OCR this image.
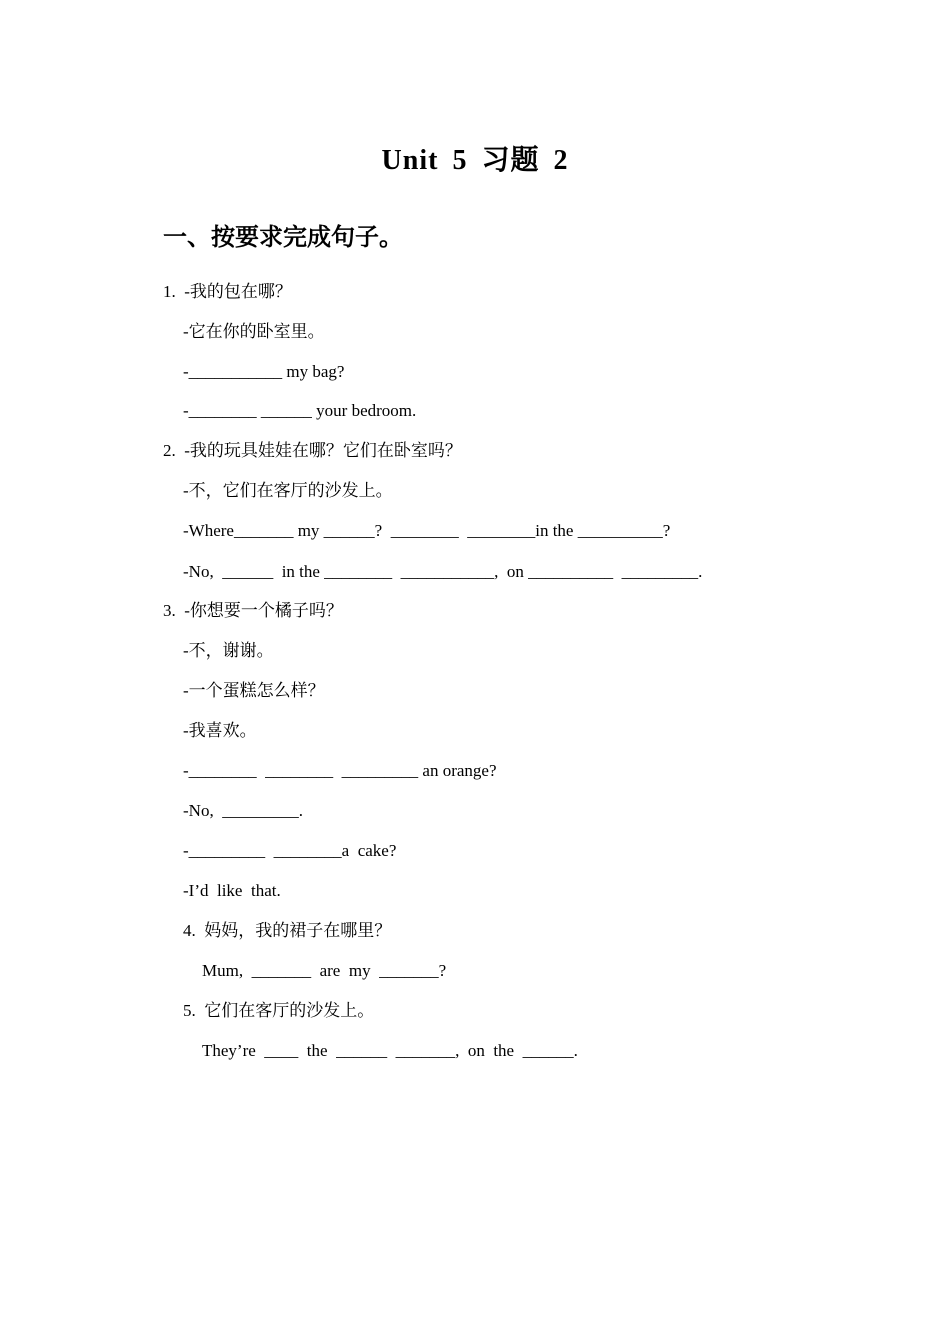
Unit 5 习题 2
一、按要求完成句子。
1.  -我的包在哪？
-它在你的卧室里。
-___________ my bag?
-________ ______ your bedroom.
2.  -我的玩具娃娃在哪？它们在卧室吗？
-不，它们在客厅的沙发上。
-Where_______ my ______?  ________  ________in the __________?
-No,  ______  in the ________  ___________,  on __________  _________.
3.  -你想要一个橘子吗？
-不，谢谢。
-一个蛋糕怎么样？
-我喜欢。
-________  ________  _________ an orange?
-No,  _________.
-_________  ________a  cake?
-I’d  like  that.
4.  妈妈，我的裙子在哪里？
Mum,  _______  are  my  _______?
5.  它们在客厅的沙发上。
They’re  ____  the  ______  _______,  on  the  ______.
